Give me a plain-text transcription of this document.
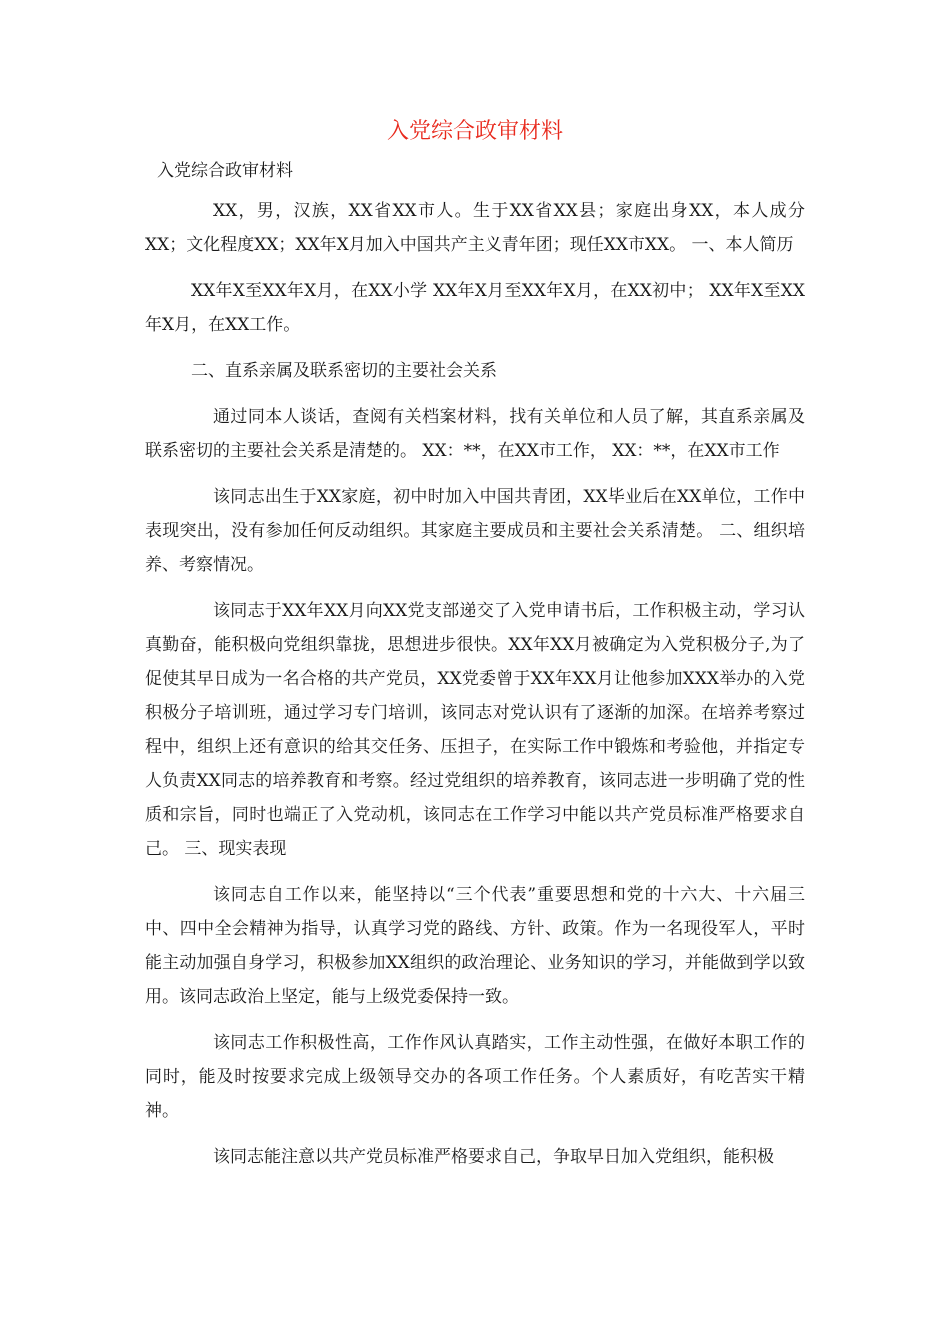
入党综合政审材料

入党综合政审材料

XX，男，汉族，XX省XX市人。生于XX省XX县；家庭出身XX，本人成分XX；文化程度XX；XX年X月加入中国共产主义青年团；现任XX市XX。 一、本人简历

XX年X至XX年X月，在XX小学 XX年X月至XX年X月，在XX初中； XX年X至XX年X月，在XX工作。

二、直系亲属及联系密切的主要社会关系

通过同本人谈话，查阅有关档案材料，找有关单位和人员了解，其直系亲属及联系密切的主要社会关系是清楚的。 XX：**，在XX市工作， XX：**，在XX市工作

该同志出生于XX家庭，初中时加入中国共青团，XX毕业后在XX单位，工作中表现突出，没有参加任何反动组织。其家庭主要成员和主要社会关系清楚。 二、组织培养、考察情况。

该同志于XX年XX月向XX党支部递交了入党申请书后，工作积极主动，学习认真勤奋，能积极向党组织靠拢，思想进步很快。XX年XX月被确定为入党积极分子,为了促使其早日成为一名合格的共产党员，XX党委曾于XX年XX月让他参加XXX举办的入党积极分子培训班，通过学习专门培训，该同志对党认识有了逐渐的加深。在培养考察过程中，组织上还有意识的给其交任务、压担子，在实际工作中锻炼和考验他，并指定专人负责XX同志的培养教育和考察。经过党组织的培养教育，该同志进一步明确了党的性质和宗旨，同时也端正了入党动机，该同志在工作学习中能以共产党员标准严格要求自己。 三、现实表现

该同志自工作以来，能坚持以“三个代表”重要思想和党的十六大、十六届三中、四中全会精神为指导，认真学习党的路线、方针、政策。作为一名现役军人，平时能主动加强自身学习，积极参加XX组织的政治理论、业务知识的学习，并能做到学以致用。该同志政治上坚定，能与上级党委保持一致。

该同志工作积极性高，工作作风认真踏实，工作主动性强，在做好本职工作的同时，能及时按要求完成上级领导交办的各项工作任务。个人素质好，有吃苦实干精神。

该同志能注意以共产党员标准严格要求自己，争取早日加入党组织，能积极
